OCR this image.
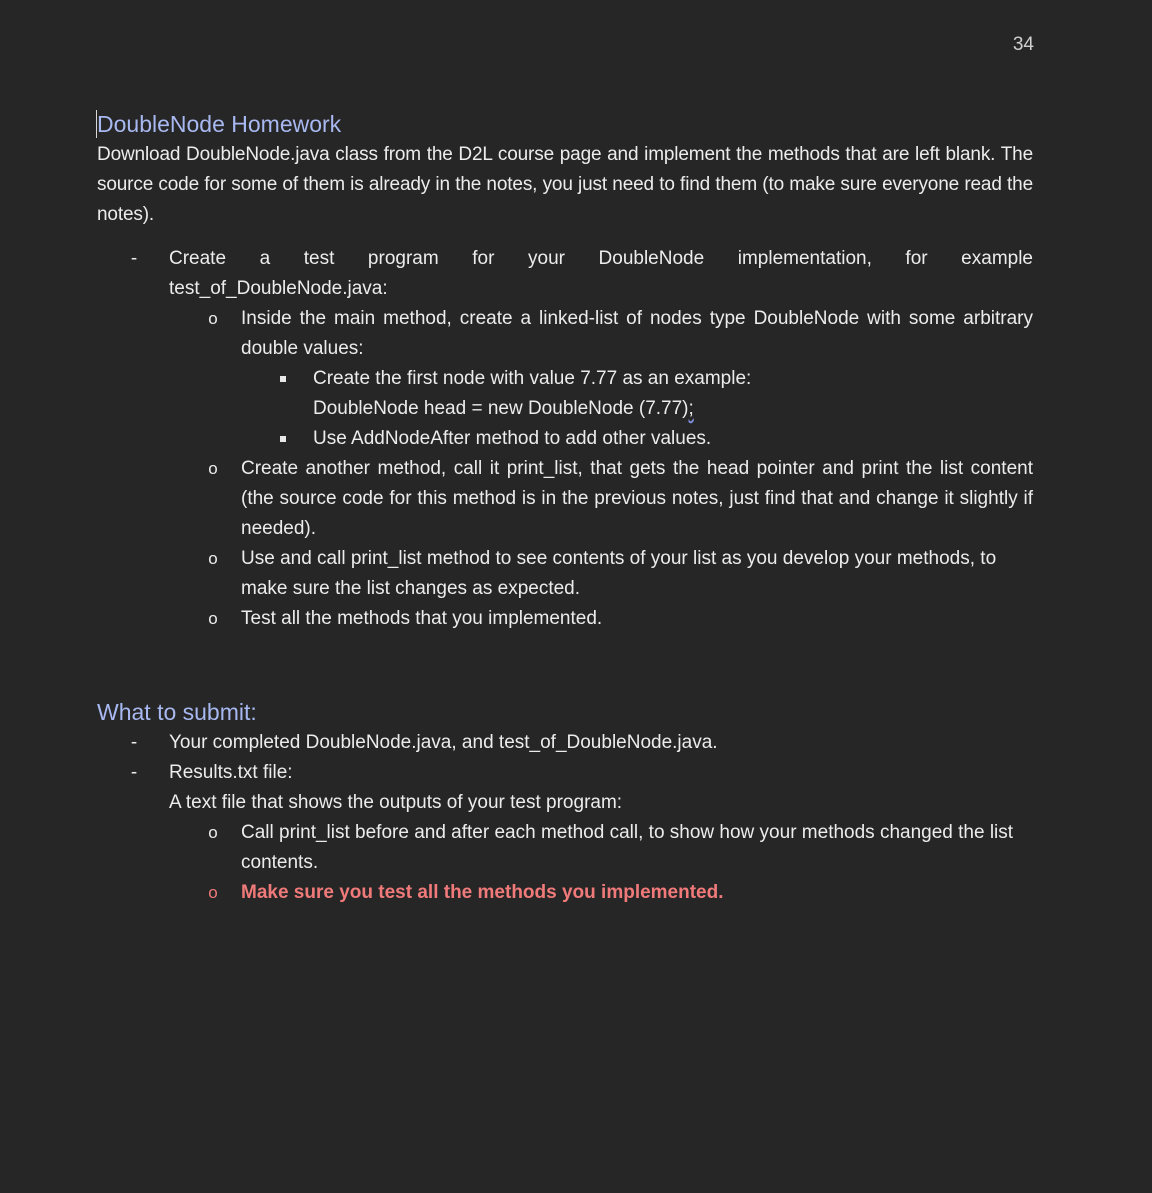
34
DoubleNode Homework
Download DoubleNode.java class from the D2L course page and implement the methods that are left blank. The source code for some of them is already in the notes, you just need to find them (to make sure everyone read the notes).
- Create a test program for your DoubleNode implementation, for example
test_of_DoubleNode.java:
o	Inside the main method, create a linked-list of nodes type DoubleNode with some arbitrary double values:
Create the first node with value 7.77 as an example:
DoubleNode head = new DoubleNode (7.77);
Use AddNodeAfter method to add other values.
o	Create another method, call it print_list, that gets the head pointer and print the list content (the source code for this method is in the previous notes, just find that and change it slightly if needed).
o	Use and call print_list method to see contents of your list as you develop your methods, to make sure the list changes as expected.
o	Test all the methods that you implemented.
What to submit:
- Your completed DoubleNode.java, and test_of_DoubleNode.java.
- Results.txt file:
A text file that shows the outputs of your test program:
o	Call print_list before and after each method call, to show how your methods changed the list contents.
o	Make sure you test all the methods you implemented.
